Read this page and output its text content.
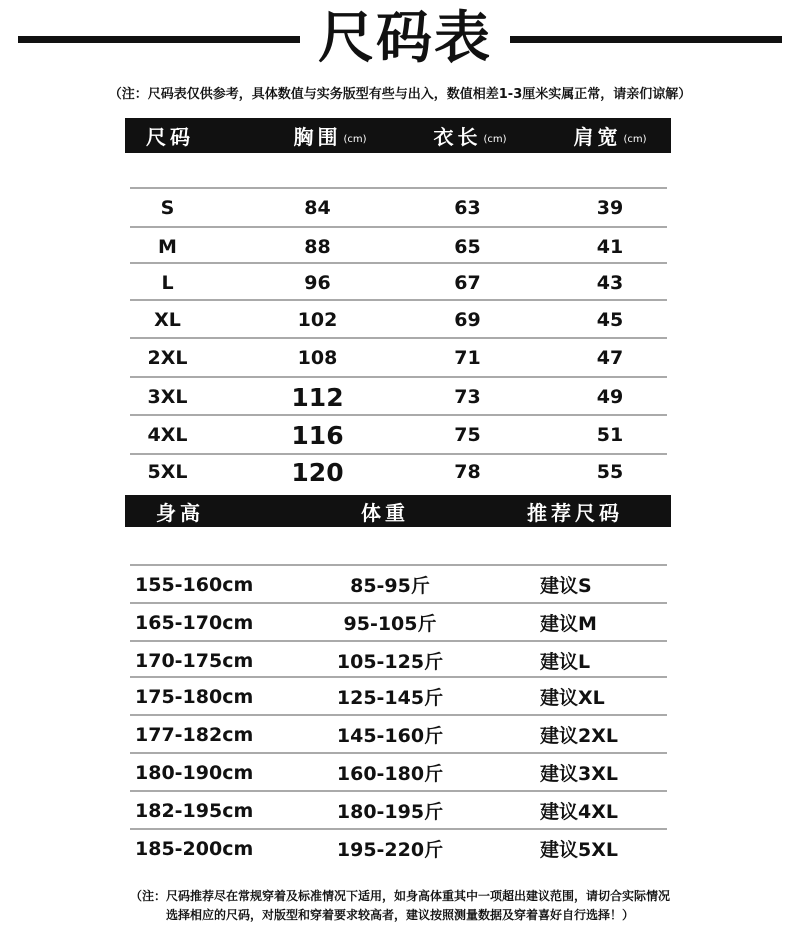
尺码表
（注：尺码表仅供参考，具体数值与实务版型有些与出入，数值相差1-3厘米实属正常，请亲们谅解）
尺码	胸围 (cm)	衣长 (cm)	肩宽 (cm)
S	84	63	39
M	88	65	41
L	96	67	43
XL	102	69	45
2XL	108	71	47
3XL	112	73	49
4XL	116	75	51
5XL	120	78	55
身高	体重	推荐尺码
155-160cm	85-95斤	建议S
165-170cm	95-105斤	建议M
170-175cm	105-125斤	建议L
175-180cm	125-145斤	建议XL
177-182cm	145-160斤	建议2XL
180-190cm	160-180斤	建议3XL
182-195cm	180-195斤	建议4XL
185-200cm	195-220斤	建议5XL
（注：尺码推荐尽在常规穿着及标准情况下适用，如身高体重其中一项超出建议范围，请切合实际情况
选择相应的尺码，对版型和穿着要求较高者，建议按照测量数据及穿着喜好自行选择！）
